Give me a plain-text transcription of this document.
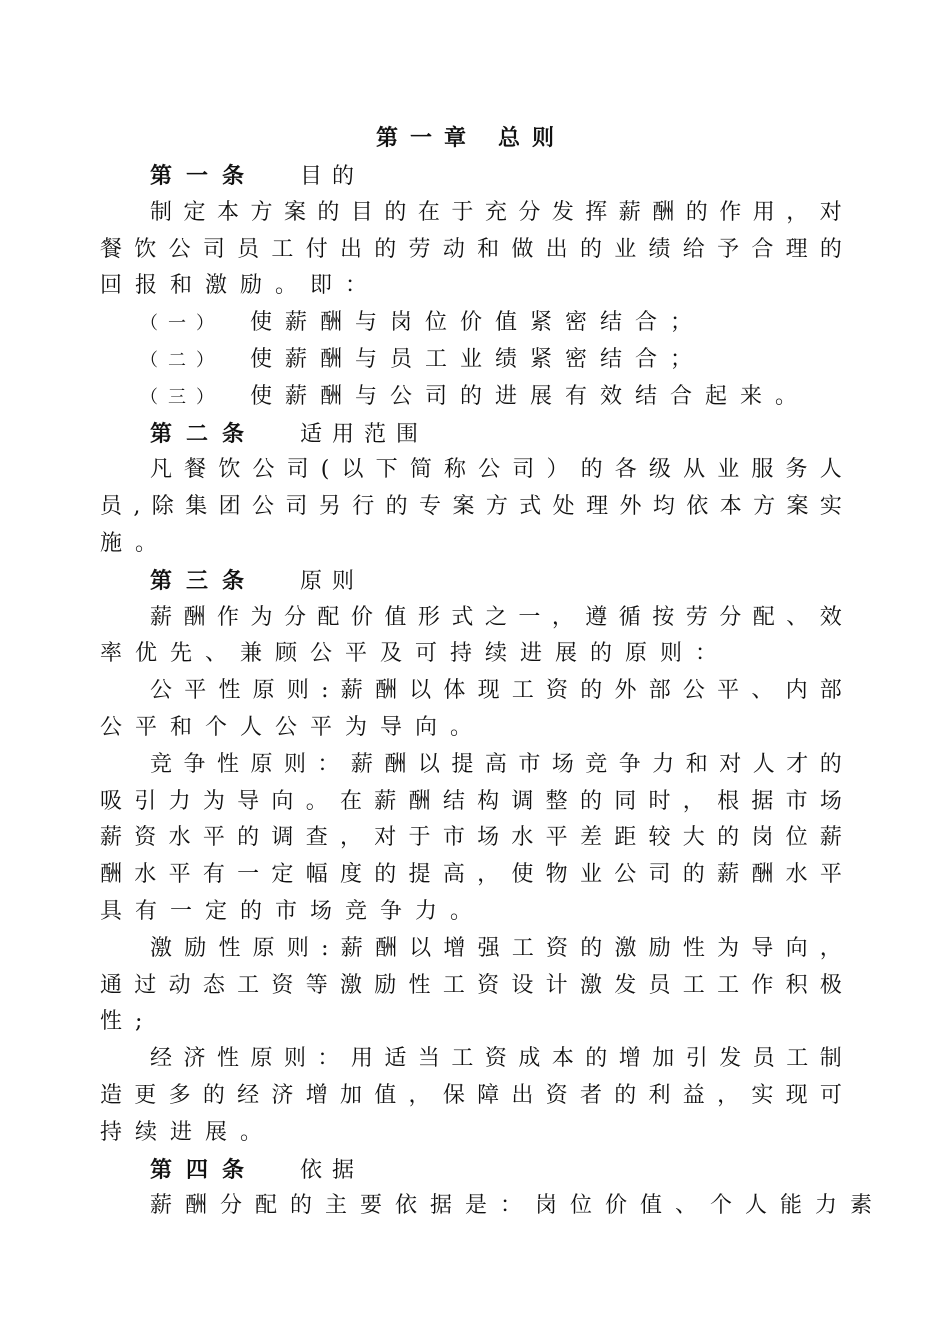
第一章 总则
第一条 目的
制 定 本 方 案 的 目 的 在 于 充 分 发 挥 薪 酬 的 作 用 ， 对
餐 饮 公 司 员 工 付 出 的 劳 动 和 做 出 的 业 绩 给 予 合 理 的
回报和激励。即：
（一） 使薪酬与岗位价值紧密结合；
（二） 使薪酬与员工业绩紧密结合；
（三） 使薪酬与公司的进展有效结合起来。
第二条 适用范围
凡 餐 饮 公 司 ( 以 下 简 称 公 司 ） 的 各 级 从 业 服 务 人
员 , 除 集 团 公 司 另 行 的 专 案 方 式 处 理 外 均 依 本 方 案 实
施。
第三条 原则
薪 酬 作 为 分 配 价 值 形 式 之 一 ， 遵 循 按 劳 分 配 、 效
率优先、兼顾公平及可持续进展的原则：
公 平 性 原 则 : 薪 酬 以 体 现 工 资 的 外 部 公 平 、 内 部
公平和个人公平为导向。
竞 争 性 原 则 ： 薪 酬 以 提 高 市 场 竞 争 力 和 对 人 才 的
吸 引 力 为 导 向 。 在 薪 酬 结 构 调 整 的 同 时 ， 根 据 市 场
薪 资 水 平 的 调 查 ， 对 于 市 场 水 平 差 距 较 大 的 岗 位 薪
酬 水 平 有 一 定 幅 度 的 提 高 ， 使 物 业 公 司 的 薪 酬 水 平
具有一定的市场竞争力。
激 励 性 原 则 : 薪 酬 以 增 强 工 资 的 激 励 性 为 导 向 ，
通 过 动 态 工 资 等 激 励 性 工 资 设 计 激 发 员 工 工 作 积 极
性;
经 济 性 原 则 ： 用 适 当 工 资 成 本 的 增 加 引 发 员 工 制
造 更 多 的 经 济 增 加 值 ， 保 障 出 资 者 的 利 益 ， 实 现 可
持续进展。
第四条 依据
薪酬分配的主要依据是：岗位价值、个人能力素
